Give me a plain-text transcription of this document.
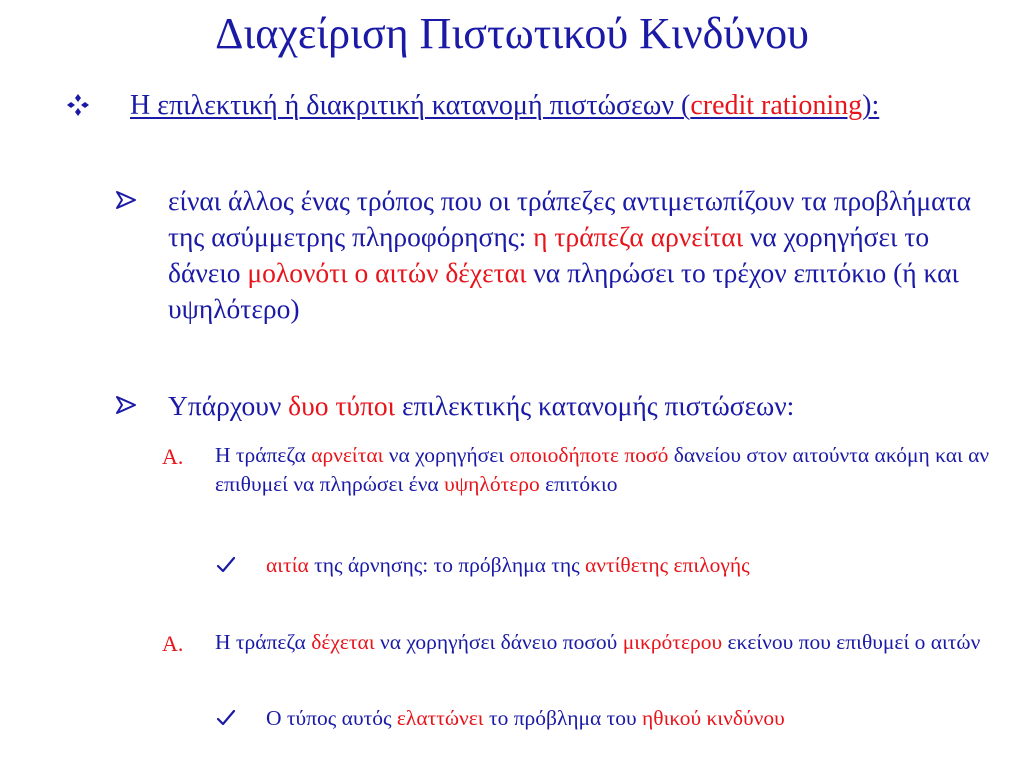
Διαχείριση Πιστωτικού Κινδύνου
Η επιλεκτική ή διακριτική κατανομή πιστώσεων (credit rationing):
είναι άλλος ένας τρόπος που οι τράπεζες αντιμετωπίζουν τα προβλήματα της ασύμμετρης πληροφόρησης: η τράπεζα αρνείται να χορηγήσει το δάνειο μολονότι ο αιτών δέχεται να πληρώσει το τρέχον επιτόκιο (ή και υψηλότερο)
Υπάρχουν δυο τύποι επιλεκτικής κατανομής πιστώσεων:
A. Η τράπεζα αρνείται να χορηγήσει οποιοδήποτε ποσό δανείου στον αιτούντα ακόμη και αν επιθυμεί να πληρώσει ένα υψηλότερο επιτόκιο
αιτία της άρνησης: το πρόβλημα της αντίθετης επιλογής
A. Η τράπεζα δέχεται να χορηγήσει δάνειο ποσού μικρότερου εκείνου που επιθυμεί ο αιτών
Ο τύπος αυτός ελαττώνει το πρόβλημα του ηθικού κινδύνου
